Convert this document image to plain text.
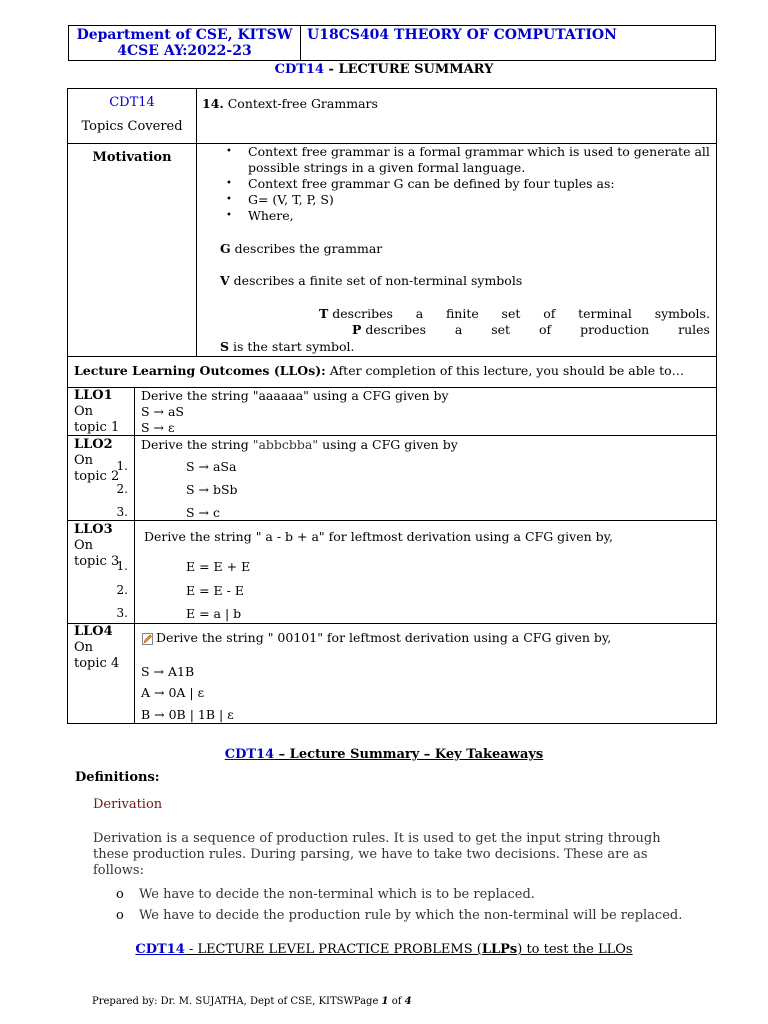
Department of CSE, KITSW
4CSE AY:2022-23
U18CS404 THEORY OF COMPUTATION
CDT14 - LECTURE SUMMARY
CDT14
Topics Covered
14. Context-free Grammars
Motivation
•	Context free grammar is a formal grammar which is used to generate all possible strings in a given formal language.
• Context free grammar G can be defined by four tuples as:
• G= (V, T, P, S)
• Where,
G describes the grammar
V describes a finite set of non-terminal symbols
T describes a finite set of terminal symbols.
P describes a set of production rules
S is the start symbol.
Lecture Learning Outcomes (LLOs): After completion of this lecture, you should be able to…
LLO1
On
topic 1
Derive the string "aaaaaa" using a CFG given by
S → aS
S → ε
LLO2
On
topic 2
Derive the string "abbcbba" using a CFG given by
1.
2.
3.
S → aSa
S → bSb
S → c
LLO3
On
topic 3
Derive the string " a - b + a" for leftmost derivation using a CFG given by,
1.
2.
3.
E = E + E
E = E - E
E = a | b
LLO4
On
topic 4
Derive the string " 00101" for leftmost derivation using a CFG given by,
S → A1B
A → 0A | ε
B → 0B | 1B | ε
CDT14 – Lecture Summary – Key Takeaways
Definitions:
Derivation
Derivation is a sequence of production rules. It is used to get the input string through these production rules. During parsing, we have to take two decisions. These are as follows:
o We have to decide the non-terminal which is to be replaced.
o We have to decide the production rule by which the non-terminal will be replaced.
CDT14 - LECTURE LEVEL PRACTICE PROBLEMS (LLPs) to test the LLOs
Prepared by: Dr. M. SUJATHA, Dept of CSE, KITSWPage 1 of 4
